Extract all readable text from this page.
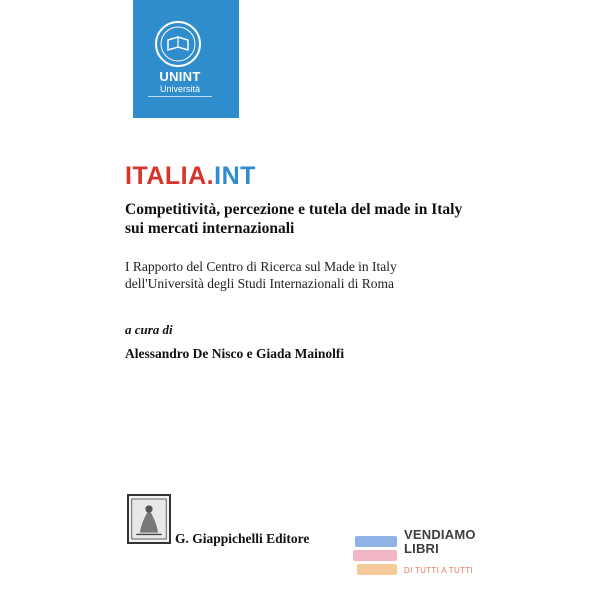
UNINT
Università
ITALIA.INT
Competitività, percezione e tutela del made in Italy
sui mercati internazionali
I Rapporto del Centro di Ricerca sul Made in Italy
dell'Università degli Studi Internazionali di Roma
a cura di
Alessandro De Nisco e Giada Mainolfi
G. Giappichelli Editore	VENDIAMO
LIBRI
DI TUTTI A TUTTI
